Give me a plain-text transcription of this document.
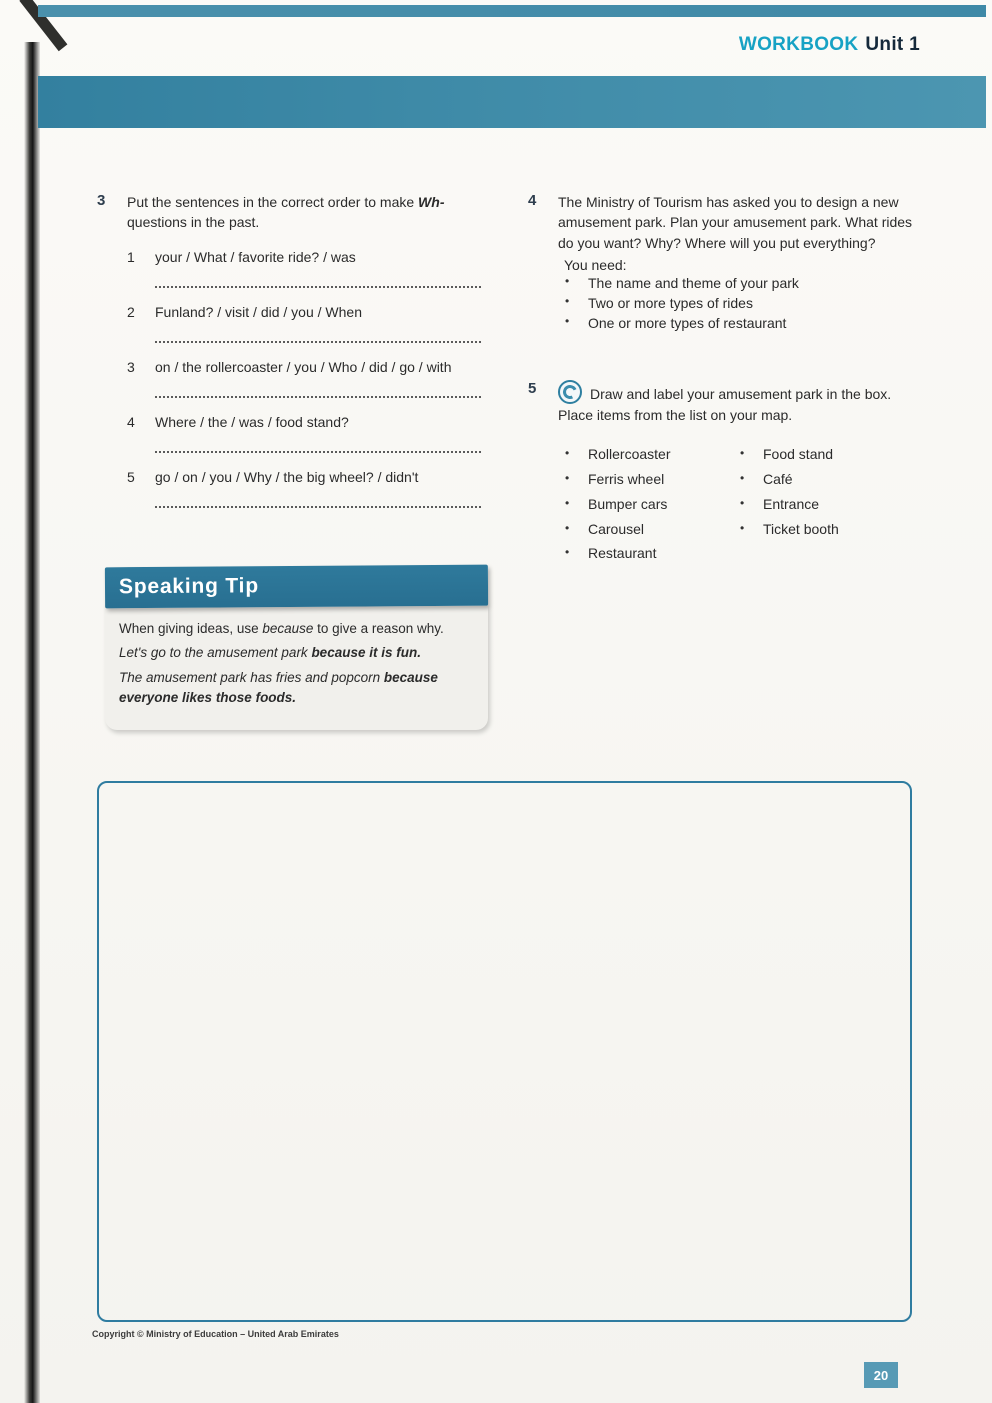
WORKBOOK Unit 1
3	Put the sentences in the correct order to make Wh-
questions in the past.

1	your / What / favorite ride? / was
2	Funland? / visit / did / you / When
3	on / the rollercoaster / you / Who / did / go / with
4	Where / the / was / food stand?
5	go / on / you / Why / the big wheel? / didn't
Speaking Tip

When giving ideas, use because to give a reason why.

Let's go to the amusement park because it is fun.

The amusement park has fries and popcorn because everyone likes those foods.

4	The Ministry of Tourism has asked you to design a new amusement park. Plan your amusement park. What rides do you want? Why? Where will you put everything?

You need:

• The name and theme of your park
• Two or more types of rides
• One or more types of restaurant
5	Draw and label your amusement park in the box.
Place items from the list on your map.

• Rollercoaster
• Ferris wheel
• Bumper cars
• Carousel
• Restaurant
• Food stand
• Café
• Entrance
• Ticket booth
Copyright © Ministry of Education – United Arab Emirates
20
